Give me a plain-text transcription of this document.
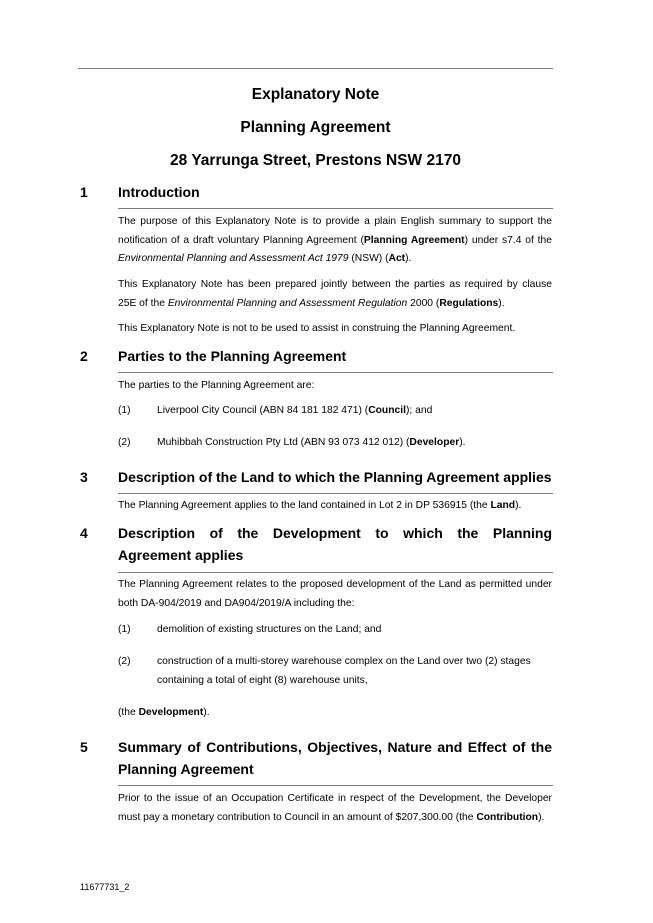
Explanatory Note
Planning Agreement
28 Yarrunga Street, Prestons NSW 2170
1 Introduction
The purpose of this Explanatory Note is to provide a plain English summary to support the notification of a draft voluntary Planning Agreement (Planning Agreement) under s7.4 of the Environmental Planning and Assessment Act 1979 (NSW) (Act).
This Explanatory Note has been prepared jointly between the parties as required by clause 25E of the Environmental Planning and Assessment Regulation 2000 (Regulations).
This Explanatory Note is not to be used to assist in construing the Planning Agreement.
2 Parties to the Planning Agreement
The parties to the Planning Agreement are:
(1)	Liverpool City Council (ABN 84 181 182 471) (Council); and
(2)	Muhibbah Construction Pty Ltd (ABN 93 073 412 012) (Developer).
3 Description of the Land to which the Planning Agreement applies
The Planning Agreement applies to the land contained in Lot 2 in DP 536915 (the Land).
4 Description of the Development to which the Planning Agreement applies
The Planning Agreement relates to the proposed development of the Land as permitted under both DA-904/2019 and DA904/2019/A including the:
(1)	demolition of existing structures on the Land; and
(2)	construction of a multi-storey warehouse complex on the Land over two (2) stages containing a total of eight (8) warehouse units,
(the Development).
5 Summary of Contributions, Objectives, Nature and Effect of the Planning Agreement
Prior to the issue of an Occupation Certificate in respect of the Development, the Developer must pay a monetary contribution to Council in an amount of $207,300.00 (the Contribution).
11677731_2
